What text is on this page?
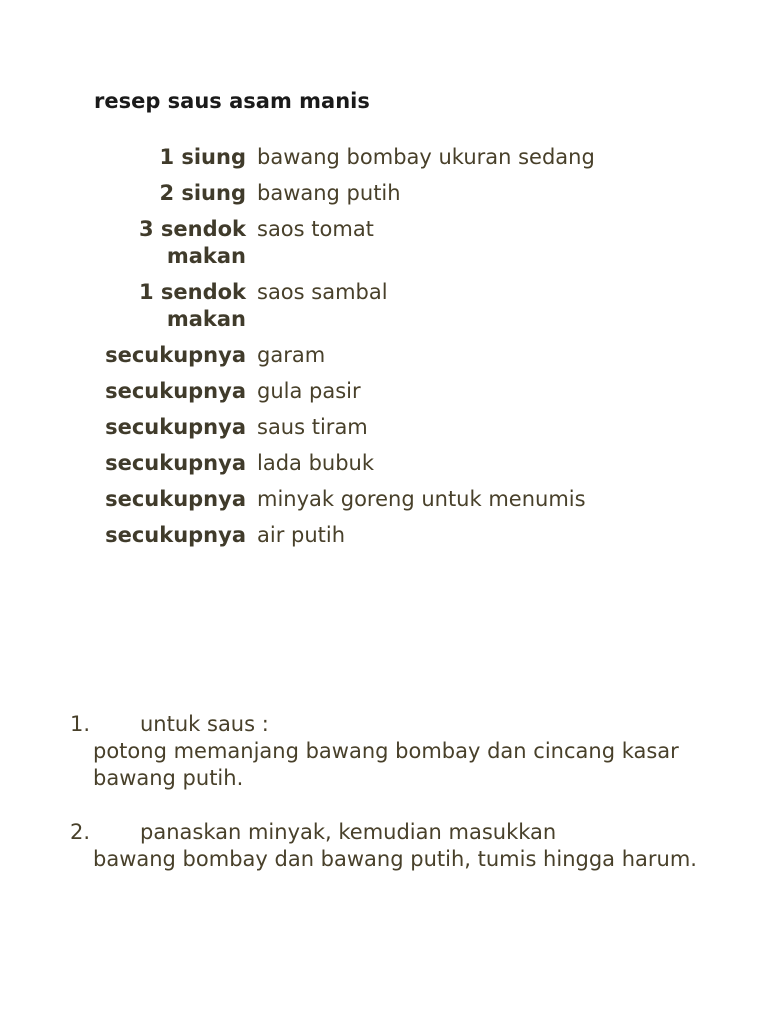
resep saus asam manis
1 siung bawang bombay ukuran sedang
2 siung bawang putih
3 sendok makan
saos tomat
1 sendok makan
saos sambal
secukupnya garam
secukupnya gula pasir
secukupnya saus tiram
secukupnya lada bubuk
secukupnya minyak goreng untuk menumis
secukupnya air putih
1.	untuk saus :
potong memanjang bawang bombay dan cincang kasar bawang putih.
2.	panaskan minyak, kemudian masukkan
bawang bombay dan bawang putih, tumis hingga harum.
